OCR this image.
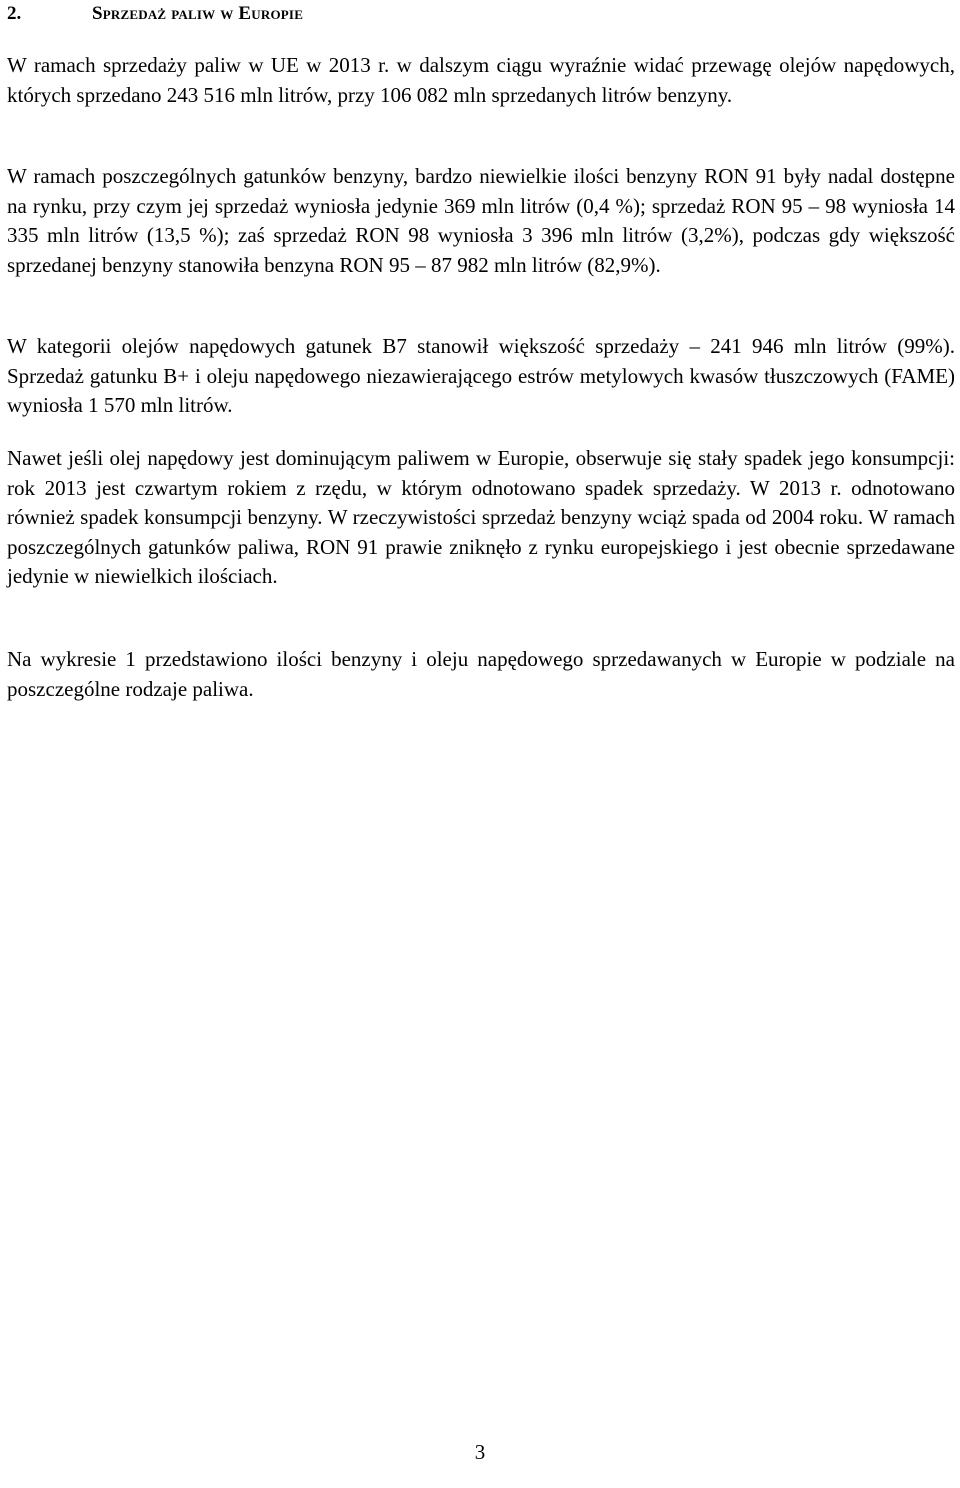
2.	Sprzedaż paliw w Europie

W ramach sprzedaży paliw w UE w 2013 r. w dalszym ciągu wyraźnie widać przewagę olejów napędowych, których sprzedano 243 516 mln litrów, przy 106 082 mln sprzedanych litrów benzyny.

W ramach poszczególnych gatunków benzyny, bardzo niewielkie ilości benzyny RON 91 były nadal dostępne na rynku, przy czym jej sprzedaż wyniosła jedynie 369 mln litrów (0,4 %); sprzedaż RON 95 – 98 wyniosła 14 335 mln litrów (13,5 %); zaś sprzedaż RON 98 wyniosła 3 396 mln litrów (3,2%), podczas gdy większość sprzedanej benzyny stanowiła benzyna RON 95 – 87 982 mln litrów (82,9%).

W kategorii olejów napędowych gatunek B7 stanowił większość sprzedaży – 241 946 mln litrów (99%). Sprzedaż gatunku B+ i oleju napędowego niezawierającego estrów metylowych kwasów tłuszczowych (FAME) wyniosła 1 570 mln litrów.

Nawet jeśli olej napędowy jest dominującym paliwem w Europie, obserwuje się stały spadek jego konsumpcji: rok 2013 jest czwartym rokiem z rzędu, w którym odnotowano spadek sprzedaży. W 2013 r. odnotowano również spadek konsumpcji benzyny. W rzeczywistości sprzedaż benzyny wciąż spada od 2004 roku. W ramach poszczególnych gatunków paliwa, RON 91 prawie zniknęło z rynku europejskiego i jest obecnie sprzedawane jedynie w niewielkich ilościach.

Na wykresie 1 przedstawiono ilości benzyny i oleju napędowego sprzedawanych w Europie w podziale na poszczególne rodzaje paliwa.

3
